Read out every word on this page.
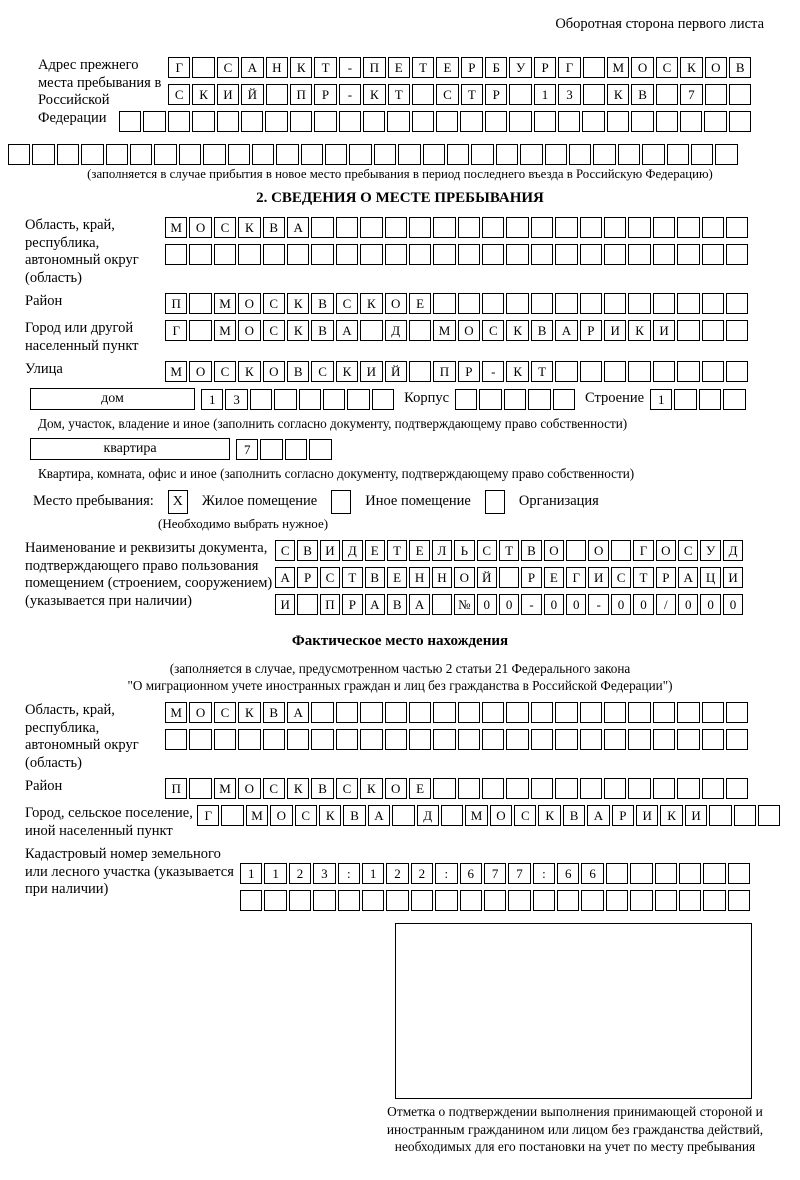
Оборотная сторона первого листа
Адрес прежнего места пребывания в Российской Федерации
Г	С	А	Н	К	Т	-	П	Е	Т	Е	Р	Б	У	Р	Г	М	О	С	К	О	В
С	К	И	Й	П	Р	-	К	Т	С	Т	Р	1	3	К	В	7
(заполняется в случае прибытия в новое место пребывания в период последнего въезда в Российскую Федерацию)
2. СВЕДЕНИЯ О МЕСТЕ ПРЕБЫВАНИЯ
Область, край, республика, автономный округ (область)
М	О	С	К	В	А
Район	П	М	О	С	К	В	С	К	О	Е
Город или другой населенный пункт
Г	М	О	С	К	В	А	Д	М	О	С	К	В	А	Р	И	К	И
Улица	М	О	С	К	О	В	С	К	И	Й	П	Р	-	К	Т
дом	1	3	Корпус	Строение	1
Дом, участок, владение и иное (заполнить согласно документу, подтверждающему право собственности)
квартира	7
Квартира, комната, офис и иное (заполнить согласно документу, подтверждающему право собственности)
Место пребывания:	X	Жилое помещение	Иное помещение	Организация
(Необходимо выбрать нужное)
Наименование и реквизиты документа, подтверждающего право пользования помещением (строением, сооружением) (указывается при наличии)
С	В	И	Д	Е	Т	Е	Л	Ь	С	Т	В	О	О	Г	О	С	У	Д
А	Р	С	Т	В	Е	Н	Н	О	Й	Р	Е	Г	И	С	Т	Р	А	Ц	И
И	П	Р	А	В	А	№ 0	0	-	0	0	-	0	0	/	0	0	0
Фактическое место нахождения
(заполняется в случае, предусмотренном частью 2 статьи 21 Федерального закона
"О миграционном учете иностранных граждан и лиц без гражданства в Российской Федерации")
Область, край, республика, автономный округ (область)
М	О	С	К	В	А
Район	П	М	О	С	К	В	С	К	О	Е
Город, сельское поселение, иной населенный пункт
Г	М	О	С	К	В	А	Д	М	О	С	К	В	А	Р	И	К	И
Кадастровый номер земельного или лесного участка (указывается при наличии)
1	1	2	3	:	1	2	2	:	6	7	7	:	6	6
Отметка о подтверждении выполнения принимающей стороной и иностранным гражданином или лицом без гражданства действий, необходимых для его постановки на учет по месту пребывания
